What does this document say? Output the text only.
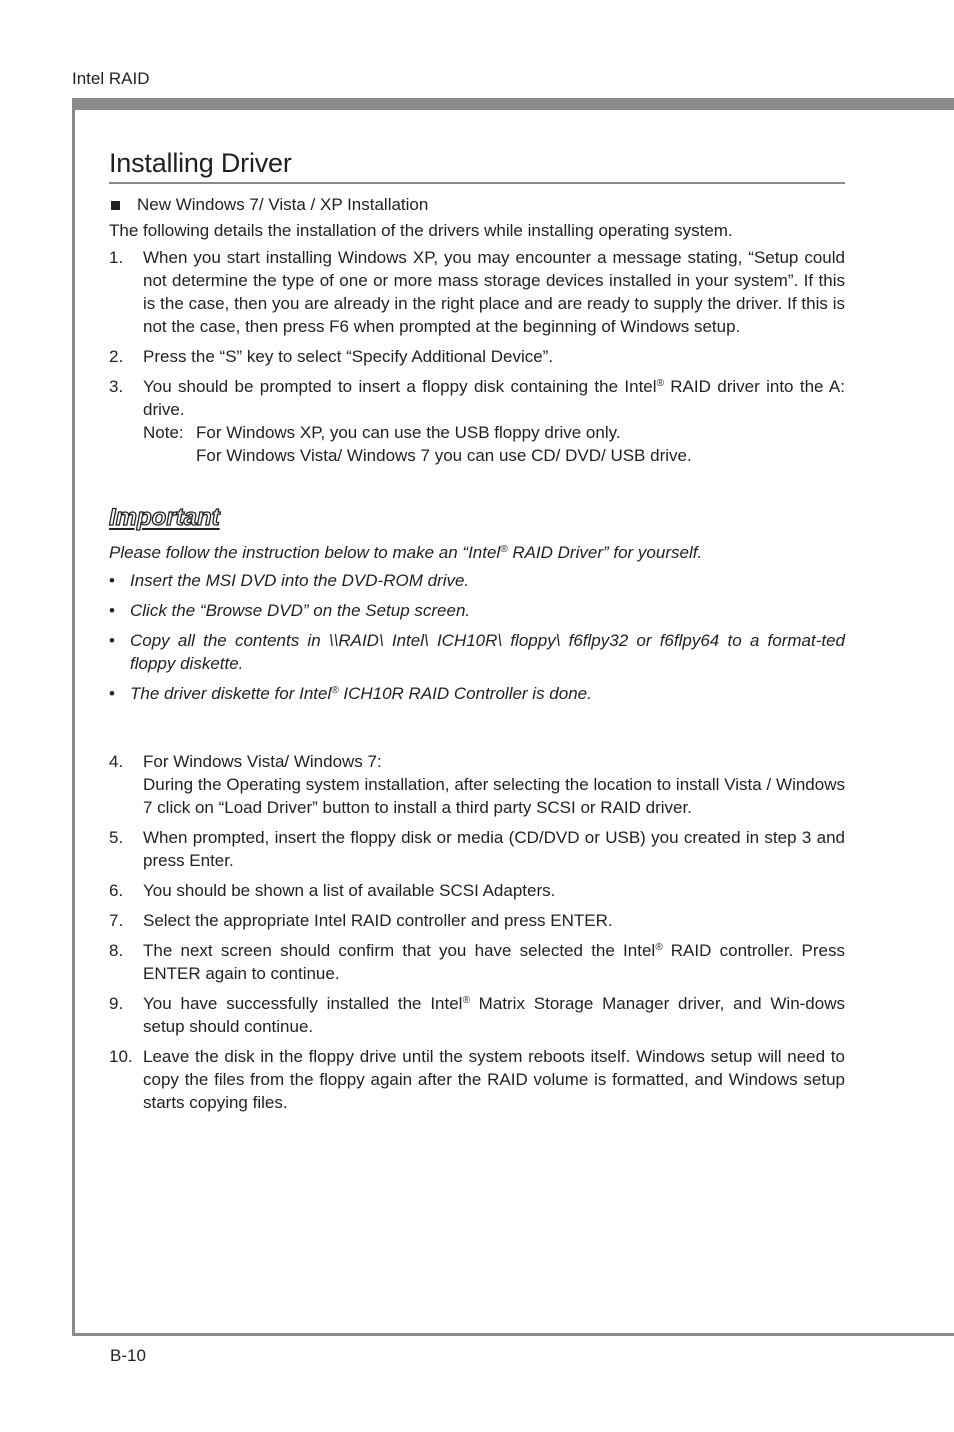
Intel RAID
B-10
Installing Driver
New Windows 7/ Vista / XP Installation
The following details the installation of the drivers while installing operating system.
1.	When you start installing Windows XP, you may encounter a message stating, “Setup could not determine the type of one or more mass storage devices installed in your system”. If this is the case, then you are already in the right place and are ready to supply the driver. If this is not the case, then press F6 when prompted at the beginning of Windows setup.
2.	Press the “S” key to select “Specify Additional Device”.
3.	You should be prompted to insert a floppy disk containing the Intel® RAID driver into the A: drive.
Note: For Windows XP, you can use the USB floppy drive only.
For Windows Vista/ Windows 7 you can use CD/ DVD/ USB drive.
Important
Please follow the instruction below to make an “Intel® RAID Driver” for yourself.
• Insert the MSI DVD into the DVD-ROM drive.
• Click the “Browse DVD” on the Setup screen.
• Copy all the contents in \\RAID\ Intel\ ICH10R\ floppy\ f6flpy32 or f6flpy64 to a format-ted floppy diskette.
• The driver diskette for Intel® ICH10R RAID Controller is done.
4.	For Windows Vista/ Windows 7:
During the Operating system installation, after selecting the location to install Vista / Windows 7 click on “Load Driver” button to install a third party SCSI or RAID driver.
5.	When prompted, insert the floppy disk or media (CD/DVD or USB) you created in step 3 and press Enter.
6.	You should be shown a list of available SCSI Adapters.
7.	Select the appropriate Intel RAID controller and press ENTER.
8.	The next screen should confirm that you have selected the Intel® RAID controller. Press ENTER again to continue.
9.	You have successfully installed the Intel® Matrix Storage Manager driver, and Win-dows setup should continue.
10. Leave the disk in the floppy drive until the system reboots itself. Windows setup will need to copy the files from the floppy again after the RAID volume is formatted, and Windows setup starts copying files.
